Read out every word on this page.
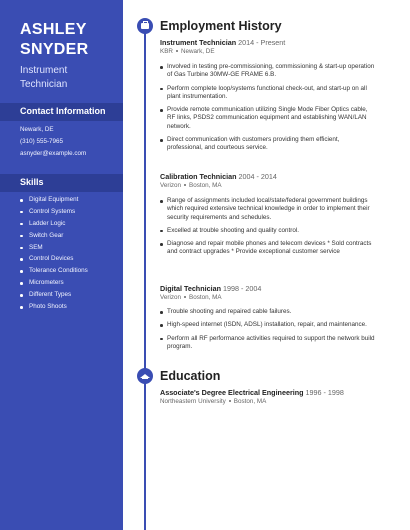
ASHLEY
SNYDER
Instrument
Technician
Contact Information
Newark, DE
(310) 555-7965
asnyder@example.com
Skills
Digital Equipment
Control Systems
Ladder Logic
Switch Gear
SEM
Control Devices
Tolerance Conditions
Micrometers
Different Types
Photo Shoots
Employment History
Instrument Technician 2014 - Present
KBR Newark, DE
Involved in testing pre-commissioning, commissioning & start-up operation of Gas Turbine 30MW-GE FRAME 6.B.
Perform complete loop/systems functional check-out, and start-up on all plant instrumentation.
Provide remote communication utilizing Single Mode Fiber Optics cable, RF links, PSDS2 communication equipment and establishing WAN/LAN network.
Direct communication with customers providing them efficient, professional, and courteous service.
Calibration Technician 2004 - 2014
Verizon Boston, MA
Range of assignments included local/state/federal government buildings which required extensive technical knowledge in order to implement their security requirements and schedules.
Excelled at trouble shooting and quality control.
Diagnose and repair mobile phones and telecom devices * Sold contracts and contract upgrades * Provide exceptional customer service
Digital Technician 1998 - 2004
Verizon Boston, MA
Trouble shooting and repaired cable failures.
High-speed internet (ISDN, ADSL) installation, repair, and maintenance.
Perform all RF performance activities required to support the network build program.
Education
Associate's Degree Electrical Engineering 1996 - 1998
Northeastern University Boston, MA
